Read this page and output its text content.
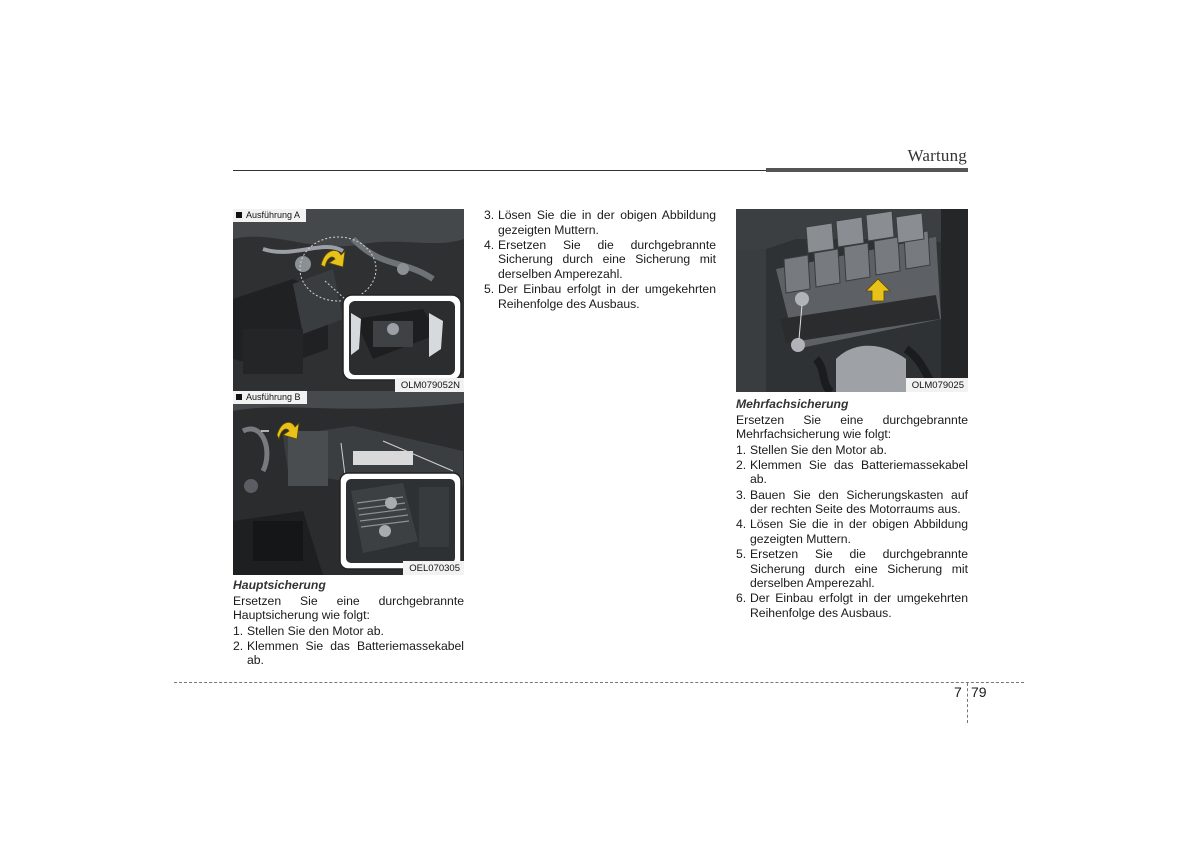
Wartung
Ausführung A
OLM079052N
Ausführung B
OEL070305
OLM079025

Hauptsicherung

Ersetzen Sie eine durchgebrannte Hauptsicherung wie folgt:

1. Stellen Sie den Motor ab.
2. Klemmen Sie das Batteriemassekabel ab.
3. Lösen Sie die in der obigen Abbildung gezeigten Muttern.
4. Ersetzen Sie die durchgebrannte Sicherung durch eine Sicherung mit derselben Amperezahl.
5. Der Einbau erfolgt in der umgekehrten Reihenfolge des Ausbaus.

Mehrfachsicherung

Ersetzen Sie eine durchgebrannte Mehrfachsicherung wie folgt:

1. Stellen Sie den Motor ab.
2. Klemmen Sie das Batteriemassekabel ab.
3. Bauen Sie den Sicherungskasten auf der rechten Seite des Motorraums aus.
4. Lösen Sie die in der obigen Abbildung gezeigten Muttern.
5. Ersetzen Sie die durchgebrannte Sicherung durch eine Sicherung mit derselben Amperezahl.
6. Der Einbau erfolgt in der umgekehrten Reihenfolge des Ausbaus.
7 79
